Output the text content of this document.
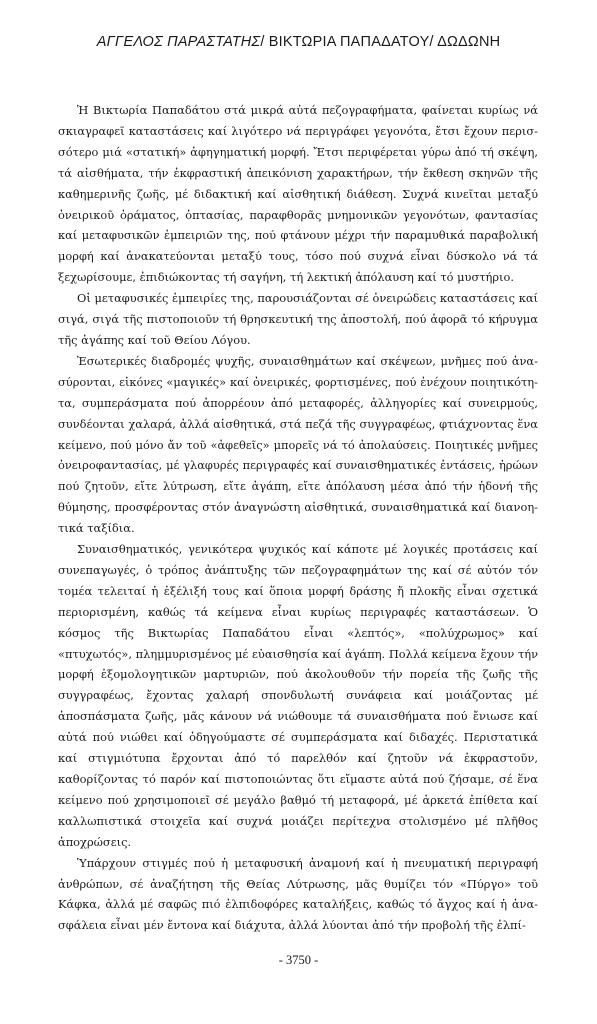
ΑΓΓΕΛΟΣ ΠΑΡΑΣΤΑΤΗΣ/ ΒΙΚΤΩΡΙΑ ΠΑΠΑΔΑΤΟΥ/ ΔΩΔΩΝΗ

Ἡ Βικτωρία Παπαδάτου στά μικρά αὐτά πεζογραφήματα, φαίνεται κυρίως νά σκιαγραφεῖ καταστάσεις καί λιγότερο νά περιγράφει γεγονότα, ἔτσι ἔχουν περισσότερο μιά «στατική» ἀφηγηματική μορφή. Ἔτσι περιφέρεται γύρω ἀπό τή σκέψη, τά αἰσθήματα, τήν ἐκφραστική ἀπεικόνιση χαρακτήρων, τήν ἔκθεση σκηνῶν τῆς καθημερινῆς ζωῆς, μέ διδακτική καί αἰσθητική διάθεση. Συχνά κινεῖται μεταξύ ὀνειρικοῦ ὁράματος, ὀπτασίας, παραφθορᾶς μνημονικῶν γεγονότων, φαντασίας καί μεταφυσικῶν ἐμπειριῶν της, πού φτάνουν μέχρι τήν παραμυθικά παραβολική μορφή καί ἀνακατεύονται μεταξύ τους, τόσο πού συχνά εἶναι δύσκολο νά τά ξεχωρίσουμε, ἐπιδιώκοντας τή σαγήνη, τή λεκτική ἀπόλαυση καί τό μυστήριο.

Οἱ μεταφυσικές ἐμπειρίες της, παρουσιάζονται σέ ὀνειρώδεις καταστάσεις καί σιγά, σιγά τῆς πιστοποιοῦν τή θρησκευτική της ἀποστολή, πού ἀφορᾶ τό κήρυγμα τῆς ἀγάπης καί τοῦ Θείου Λόγου.

Ἐσωτερικές διαδρομές ψυχῆς, συναισθημάτων καί σκέψεων, μνῆμες πού ἀνασύρονται, εἰκόνες «μαγικές» καί ὀνειρικές, φορτισμένες, πού ἐνέχουν ποιητικότητα, συμπεράσματα πού ἀπορρέουν ἀπό μεταφορές, ἀλληγορίες καί συνειρμούς, συνδέονται χαλαρά, ἀλλά αἰσθητικά, στά πεζά τῆς συγγραφέως, φτιάχνοντας ἕνα κείμενο, πού μόνο ἄν τοῦ «ἀφεθεῖς» μπορεῖς νά τό ἀπολαύσεις. Ποιητικές μνῆμες ὀνειροφαντασίας, μέ γλαφυρές περιγραφές καί συναισθηματικές ἐντάσεις, ἡρώων πού ζητοῦν, εἴτε λύτρωση, εἴτε ἀγάπη, εἴτε ἀπόλαυση μέσα ἀπό τήν ἡδονή τῆς θύμησης, προσφέροντας στόν ἀναγνώστη αἰσθητικά, συναισθηματικά καί διανοητικά ταξίδια.

Συναισθηματικός, γενικότερα ψυχικός καί κάποτε μέ λογικές προτάσεις καί συνεπαγωγές, ὁ τρόπος ἀνάπτυξης τῶν πεζογραφημάτων της καί σέ αὐτόν τόν τομέα τελειταί ἡ ἐξέλιξή τους καί ὅποια μορφή δράσης ἤ πλοκῆς εἶναι σχετικά περιορισμένη, καθώς τά κείμενα εἶναι κυρίως περιγραφές καταστάσεων. Ὁ κόσμος τῆς Βικτωρίας Παπαδάτου εἶναι «λεπτός», «πολύχρωμος» καί «πτυχωτός», πλημμυρισμένος μέ εὐαισθησία καί ἀγάπη. Πολλά κείμενα ἔχουν τήν μορφή ἐξομολογητικῶν μαρτυριῶν, πού ἀκολουθοῦν τήν πορεία τῆς ζωῆς τῆς συγγραφέως, ἔχοντας χαλαρή σπονδυλωτή συνάφεια καί μοιάζοντας μέ ἀποσπάσματα ζωῆς, μᾶς κάνουν νά νιώθουμε τά συναισθήματα πού ἔνιωσε καί αὐτά πού νιώθει καί ὁδηγούμαστε σέ συμπεράσματα καί διδαχές. Περιστατικά καί στιγμιότυπα ἔρχονται ἀπό τό παρελθόν καί ζητοῦν νά ἐκφραστοῦν, καθορίζοντας τό παρόν καί πιστοποιώντας ὅτι εἴμαστε αὐτά πού ζήσαμε, σέ ἕνα κείμενο πού χρησιμοποιεῖ σέ μεγάλο βαθμό τή μεταφορά, μέ ἀρκετά ἐπίθετα καί καλλωπιστικά στοιχεῖα καί συχνά μοιάζει περίτεχνα στολισμένο μέ πλῆθος ἀποχρώσεις.

Ὑπάρχουν στιγμές πού ἡ μεταφυσική ἀναμονή καί ἡ πνευματική περιγραφή ἀνθρώπων, σέ ἀναζήτηση τῆς Θείας Λύτρωσης, μᾶς θυμίζει τόν «Πύργο» τοῦ Κάφκα, ἀλλά μέ σαφῶς πιό ἐλπιδοφόρες καταλήξεις, καθώς τό ἄγχος καί ἡ ἀνασφάλεια εἶναι μέν ἔντονα καί διάχυτα, ἀλλά λύονται ἀπό τήν προβολή τῆς ἐλπί-

- 3750 -
